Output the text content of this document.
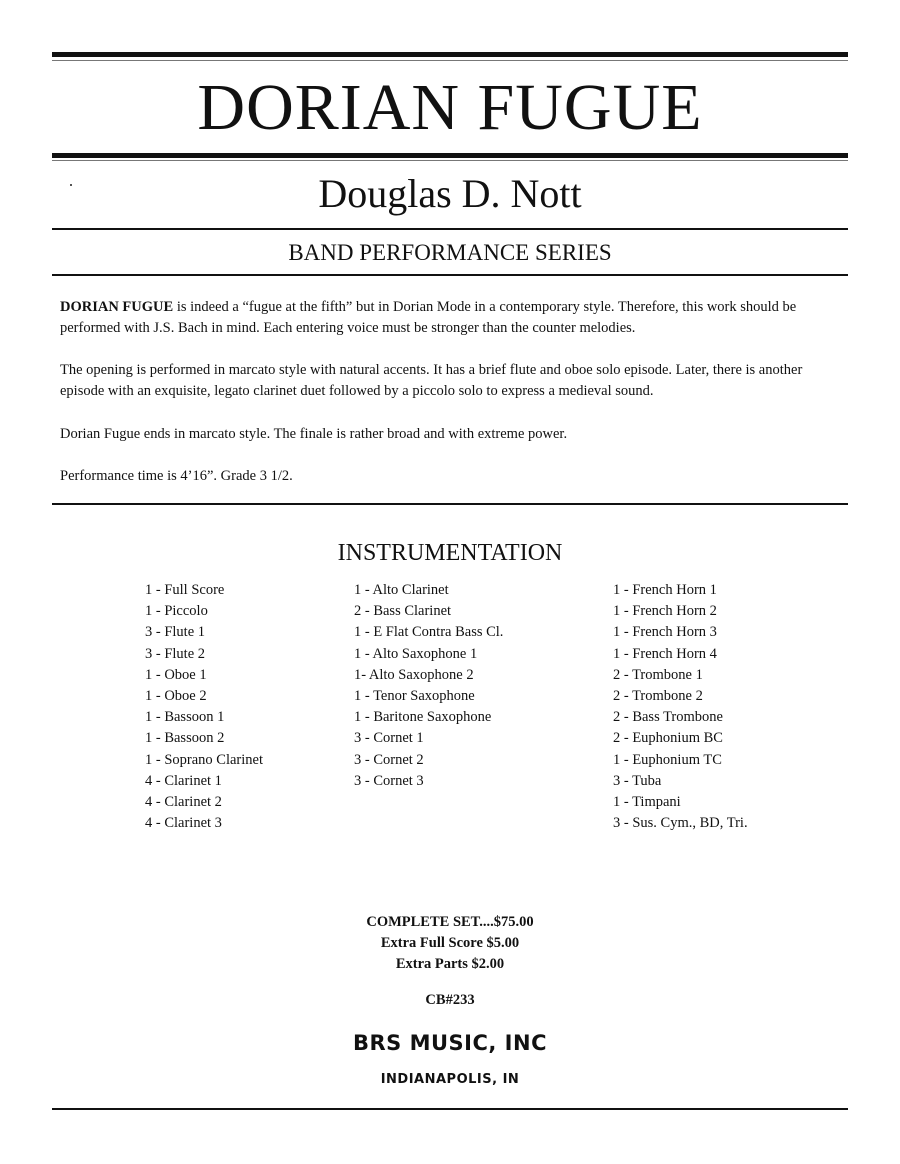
DORIAN FUGUE
Douglas D. Nott
BAND PERFORMANCE SERIES
DORIAN FUGUE is indeed a “fugue at the fifth” but in Dorian Mode in a contemporary style. Therefore, this work should be performed with J.S. Bach in mind. Each entering voice must be stronger than the counter melodies.
The opening is performed in marcato style with natural accents. It has a brief flute and oboe solo episode. Later, there is another episode with an exquisite, legato clarinet duet followed by a piccolo solo to express a medieval sound.
Dorian Fugue ends in marcato style. The finale is rather broad and with extreme power.
Performance time is 4’16”. Grade 3 1/2.
INSTRUMENTATION
1 - Full Score
1 - Piccolo
3 - Flute 1
3 - Flute 2
1 - Oboe 1
1 - Oboe 2
1 - Bassoon 1
1 - Bassoon 2
1 - Soprano Clarinet
4 - Clarinet 1
4 - Clarinet 2
4 - Clarinet 3
1 - Alto Clarinet
2 - Bass Clarinet
1 - E Flat Contra Bass Cl.
1 - Alto Saxophone 1
1- Alto Saxophone 2
1 - Tenor Saxophone
1 - Baritone Saxophone
3 - Cornet 1
3 - Cornet 2
3 - Cornet 3
1 - French Horn 1
1 - French Horn 2
1 - French Horn 3
1 - French Horn 4
2 - Trombone 1
2 - Trombone 2
2 - Bass Trombone
2 - Euphonium BC
1 - Euphonium TC
3 - Tuba
1 - Timpani
3 - Sus. Cym., BD, Tri.
COMPLETE SET....$75.00
Extra Full Score $5.00
Extra Parts $2.00
CB#233
BRS MUSIC, INC
INDIANAPOLIS, IN
